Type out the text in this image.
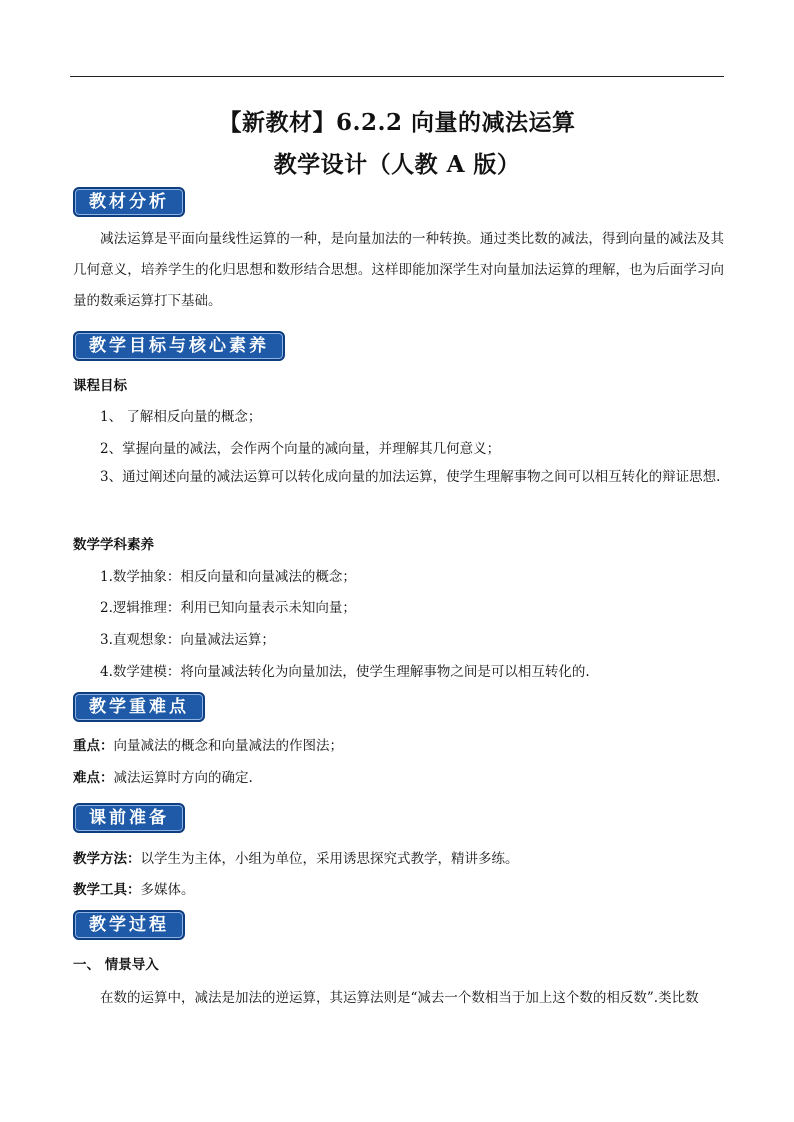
【新教材】6.2.2 向量的减法运算
教学设计（人教 A 版）
教材分析
减法运算是平面向量线性运算的一种，是向量加法的一种转换。通过类比数的减法，得到向量的减法及其几何意义，培养学生的化归思想和数形结合思想。这样即能加深学生对向量加法运算的理解，也为后面学习向量的数乘运算打下基础。
教学目标与核心素养
课程目标
1、 了解相反向量的概念；
2、掌握向量的减法，会作两个向量的减向量，并理解其几何意义；
3、通过阐述向量的减法运算可以转化成向量的加法运算，使学生理解事物之间可以相互转化的辩证思想.
数学学科素养
1.数学抽象：相反向量和向量减法的概念；
2.逻辑推理：利用已知向量表示未知向量；
3.直观想象：向量减法运算；
4.数学建模：将向量减法转化为向量加法，使学生理解事物之间是可以相互转化的.
教学重难点
重点：向量减法的概念和向量减法的作图法；
难点：减法运算时方向的确定.
课前准备
教学方法：以学生为主体，小组为单位，采用诱思探究式教学，精讲多练。
教学工具：多媒体。
教学过程
一、 情景导入
在数的运算中，减法是加法的逆运算，其运算法则是“减去一个数相当于加上这个数的相反数”.类比数
